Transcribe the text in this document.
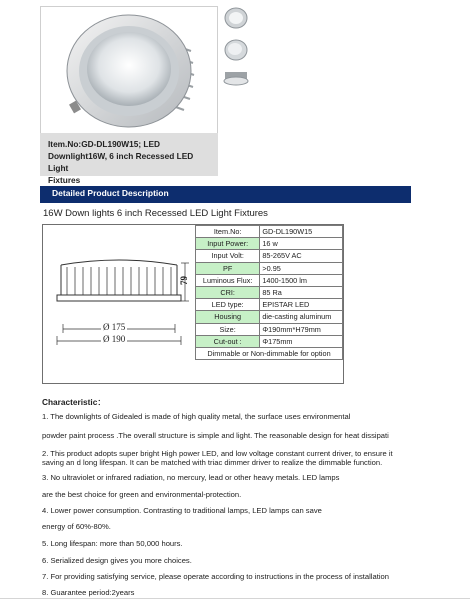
Item.No:GD-DL190W15; LED
Downlight16W, 6 inch Recessed LED Light
Fixtures
Detailed Product Description
16W Down lights 6 inch Recessed LED Light Fixtures
79
Ø 175
Ø 190
Item.No:	GD-DL190W15
Input Power:	16 w
Input Volt:	85-265V AC
PF	>0.95
Luminous Flux:	1400-1500 lm
CRI:	85 Ra
LED type:	EPISTAR LED
Housing	die-casting aluminum
Size:	Φ190mm*H79mm
Cut-out :	Φ175mm
Dimmable or Non-dimmable for option	
Characteristic：
1. The downlights of Gidealed is made of high quality metal, the surface uses environmental
powder paint process .The overall structure is simple and light. The reasonable design for heat dissipati
2. This product adopts super bright High power LED, and low voltage constant current driver, to ensure it
saving an d long lifespan. It can be matched with triac dimmer driver to realize the dimmable function.
3. No ultraviolet or infrared radiation, no mercury, lead or other heavy metals. LED lamps
are the best choice for green and environmental-protection.
4. Lower power consumption. Contrasting to traditional lamps, LED lamps can save
energy of 60%-80%.
5. Long lifespan: more than 50,000 hours.
6. Serialized design gives you more choices.
7. For providing satisfying service, please operate according to instructions in the process of installation
8. Guarantee period:2years
